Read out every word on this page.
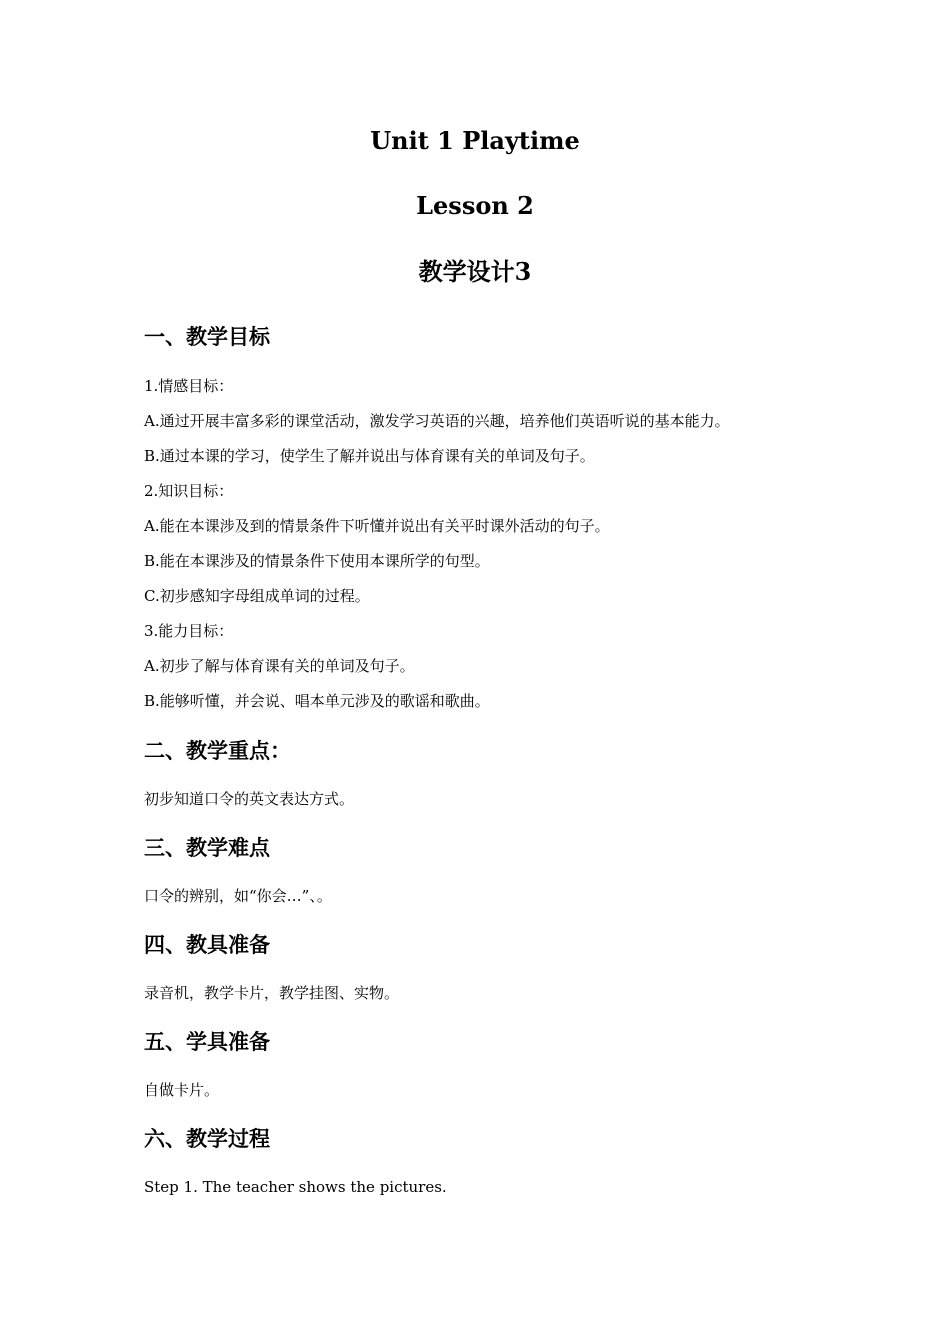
Unit 1 Playtime
Lesson 2
教学设计3
一、教学目标

1.情感目标：

A.通过开展丰富多彩的课堂活动，激发学习英语的兴趣，培养他们英语听说的基本能力。

B.通过本课的学习，使学生了解并说出与体育课有关的单词及句子。

2.知识目标：

A.能在本课涉及到的情景条件下听懂并说出有关平时课外活动的句子。

B.能在本课涉及的情景条件下使用本课所学的句型。

C.初步感知字母组成单词的过程。

3.能力目标：

A.初步了解与体育课有关的单词及句子。

B.能够听懂，并会说、唱本单元涉及的歌谣和歌曲。

二、教学重点：

初步知道口令的英文表达方式。

三、教学难点

口令的辨别，如“你会…”、。

四、教具准备

录音机，教学卡片，教学挂图、实物。

五、学具准备

自做卡片。

六、教学过程

Step 1. The teacher shows the pictures.
